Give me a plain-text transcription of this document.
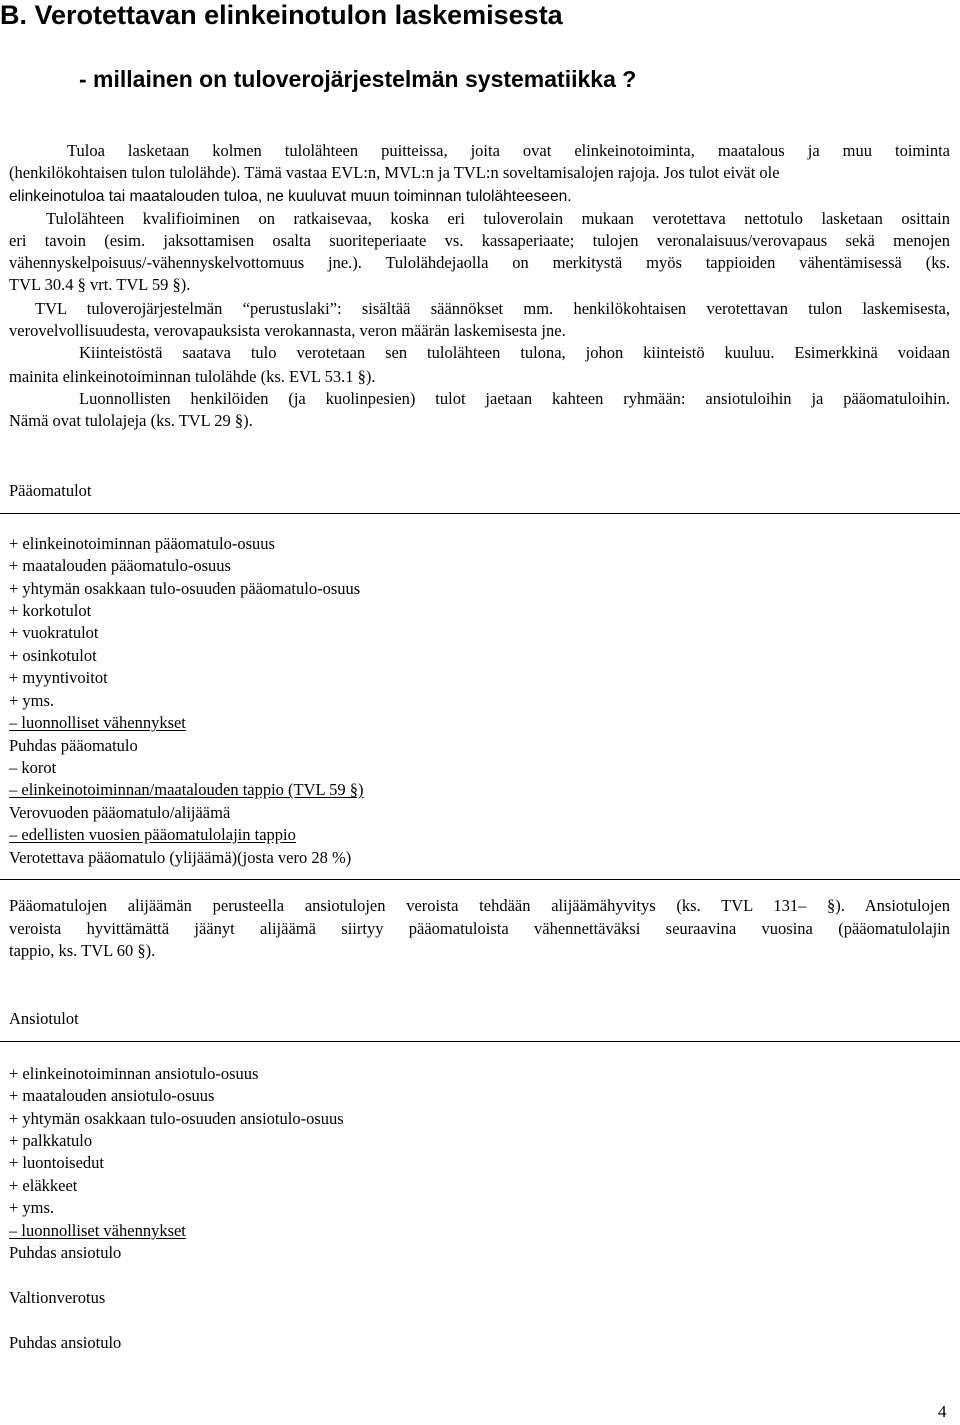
B. Verotettavan elinkeinotulon laskemisesta
- millainen on tuloverojärjestelmän systematiikka ?
Tuloa lasketaan kolmen tulolähteen puitteissa, joita ovat elinkeinotoiminta, maatalous ja muu toiminta
(henkilökohtaisen tulon tulolähde). Tämä vastaa EVL:n, MVL:n ja TVL:n soveltamisalojen rajoja. Jos tulot eivät ole
elinkeinotuloa tai maatalouden tuloa, ne kuuluvat muun toiminnan tulolähteeseen.
Tulolähteen kvalifioiminen on ratkaisevaa, koska eri tuloverolain mukaan verotettava nettotulo lasketaan osittain
eri tavoin (esim. jaksottamisen osalta suoriteperiaate vs. kassaperiaate; tulojen veronalaisuus/verovapaus sekä menojen
vähennyskelpoisuus/-vähennyskelvottomuus jne.). Tulolähdejaolla on merkitystä myös tappioiden vähentämisessä (ks.
TVL 30.4 § vrt. TVL 59 §).
TVL tuloverojärjestelmän “perustuslaki”: sisältää säännökset mm. henkilökohtaisen verotettavan tulon laskemisesta,
verovelvollisuudesta, verovapauksista verokannasta, veron määrän laskemisesta jne.
Kiinteistöstä saatava tulo verotetaan sen tulolähteen tulona, johon kiinteistö kuuluu. Esimerkkinä voidaan
mainita elinkeinotoiminnan tulolähde (ks. EVL 53.1 §).
Luonnollisten henkilöiden (ja kuolinpesien) tulot jaetaan kahteen ryhmään: ansiotuloihin ja pääomatuloihin.
Nämä ovat tulolajeja (ks. TVL 29 §).
Pääomatulot
+ elinkeinotoiminnan pääomatulo-osuus
+ maatalouden pääomatulo-osuus
+ yhtymän osakkaan tulo-osuuden pääomatulo-osuus
+ korkotulot
+ vuokratulot
+ osinkotulot
+ myyntivoitot
+ yms.
– luonnolliset vähennykset
Puhdas pääomatulo
– korot
– elinkeinotoiminnan/maatalouden tappio (TVL 59 §)
Verovuoden pääomatulo/alijäämä
– edellisten vuosien pääomatulolajin tappio
Verotettava pääomatulo (ylijäämä)(josta vero 28 %)
Pääomatulojen alijäämän perusteella ansiotulojen veroista tehdään alijäämähyvitys (ks. TVL 131– §). Ansiotulojen
veroista hyvittämättä jäänyt alijäämä siirtyy pääomatuloista vähennettäväksi seuraavina vuosina (pääomatulolajin
tappio, ks. TVL 60 §).
Ansiotulot
+ elinkeinotoiminnan ansiotulo-osuus
+ maatalouden ansiotulo-osuus
+ yhtymän osakkaan tulo-osuuden ansiotulo-osuus
+ palkkatulo
+ luontoisedut
+ eläkkeet
+ yms.
– luonnolliset vähennykset
Puhdas ansiotulo
Valtionverotus
Puhdas ansiotulo
4
